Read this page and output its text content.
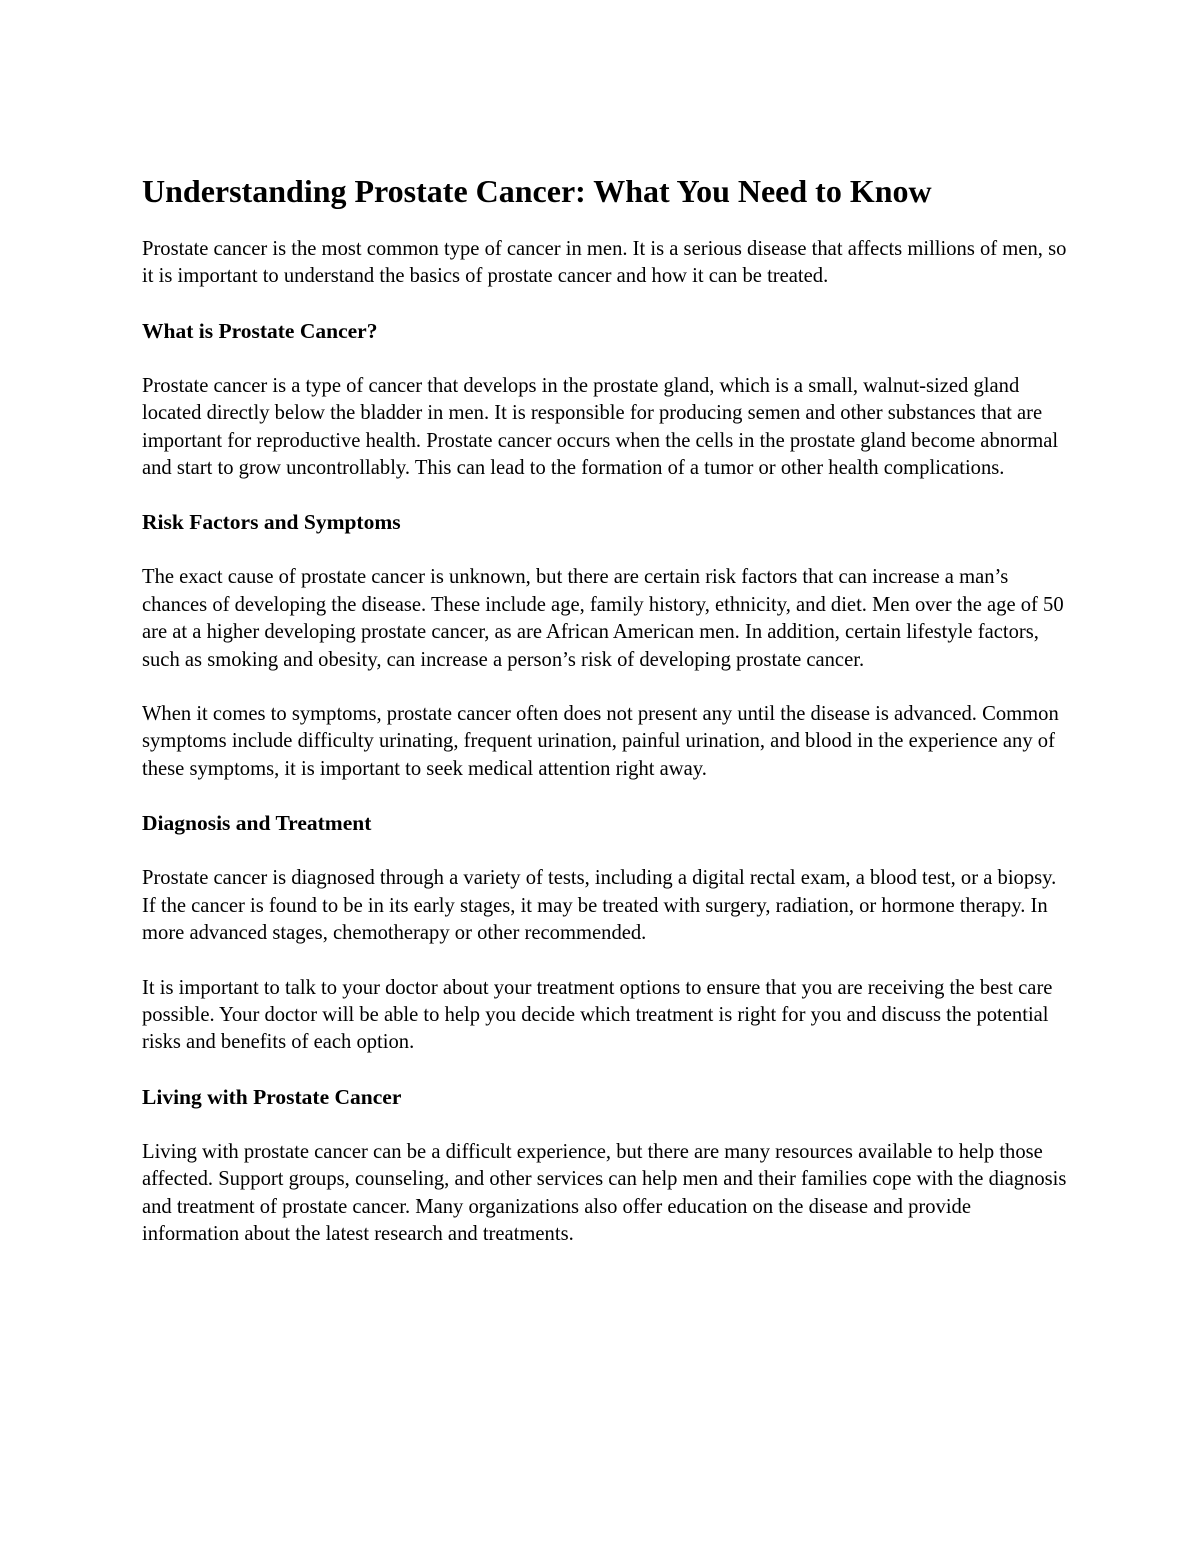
Understanding Prostate Cancer: What You Need to Know

Prostate cancer is the most common type of cancer in men. It is a serious disease that affects millions of men, so it is important to understand the basics of prostate cancer and how it can be treated.

What is Prostate Cancer?

Prostate cancer is a type of cancer that develops in the prostate gland, which is a small, walnut-sized gland located directly below the bladder in men. It is responsible for producing semen and other substances that are important for reproductive health. Prostate cancer occurs when the cells in the prostate gland become abnormal and start to grow uncontrollably. This can lead to the formation of a tumor or other health complications.

Risk Factors and Symptoms

The exact cause of prostate cancer is unknown, but there are certain risk factors that can increase a man’s chances of developing the disease. These include age, family history, ethnicity, and diet. Men over the age of 50 are at a higher developing prostate cancer, as are African American men. In addition, certain lifestyle factors, such as smoking and obesity, can increase a person’s risk of developing prostate cancer.

When it comes to symptoms, prostate cancer often does not present any until the disease is advanced. Common symptoms include difficulty urinating, frequent urination, painful urination, and blood in the experience any of these symptoms, it is important to seek medical attention right away.

Diagnosis and Treatment

Prostate cancer is diagnosed through a variety of tests, including a digital rectal exam, a blood test, or a biopsy. If the cancer is found to be in its early stages, it may be treated with surgery, radiation, or hormone therapy. In more advanced stages, chemotherapy or other recommended.

It is important to talk to your doctor about your treatment options to ensure that you are receiving the best care possible. Your doctor will be able to help you decide which treatment is right for you and discuss the potential risks and benefits of each option.

Living with Prostate Cancer

Living with prostate cancer can be a difficult experience, but there are many resources available to help those affected. Support groups, counseling, and other services can help men and their families cope with the diagnosis and treatment of prostate cancer. Many organizations also offer education on the disease and provide information about the latest research and treatments.
